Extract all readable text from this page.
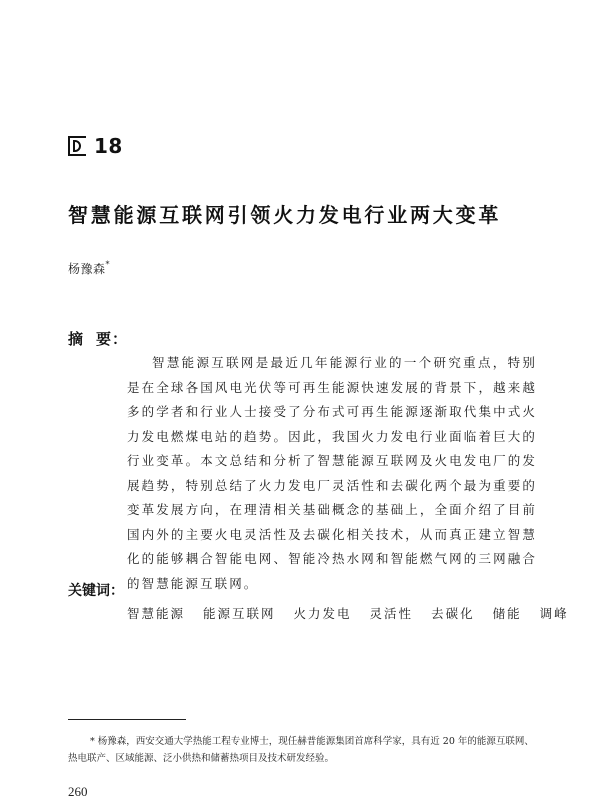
18
智慧能源互联网引领火力发电行业两大变革
杨豫森*
摘 要：

智慧能源互联网是最近几年能源行业的一个研究重点，特别是在全球各国风电光伏等可再生能源快速发展的背景下，越来越多的学者和行业人士接受了分布式可再生能源逐渐取代集中式火力发电燃煤电站的趋势。因此，我国火力发电行业面临着巨大的行业变革。本文总结和分析了智慧能源互联网及火电发电厂的发展趋势，特别总结了火力发电厂灵活性和去碳化两个最为重要的变革发展方向，在理清相关基础概念的基础上，全面介绍了目前国内外的主要火电灵活性及去碳化相关技术，从而真正建立智慧化的能够耦合智能电网、智能冷热水网和智能燃气网的三网融合的智慧能源互联网。

关键词：
智慧能源 能源互联网 火力发电 灵活性 去碳化 储能 调峰

* 杨豫森，西安交通大学热能工程专业博士，现任赫普能源集团首席科学家，具有近 20 年的能源互联网、热电联产、区域能源、泛小供热和储蓄热项目及技术研发经验。

260
